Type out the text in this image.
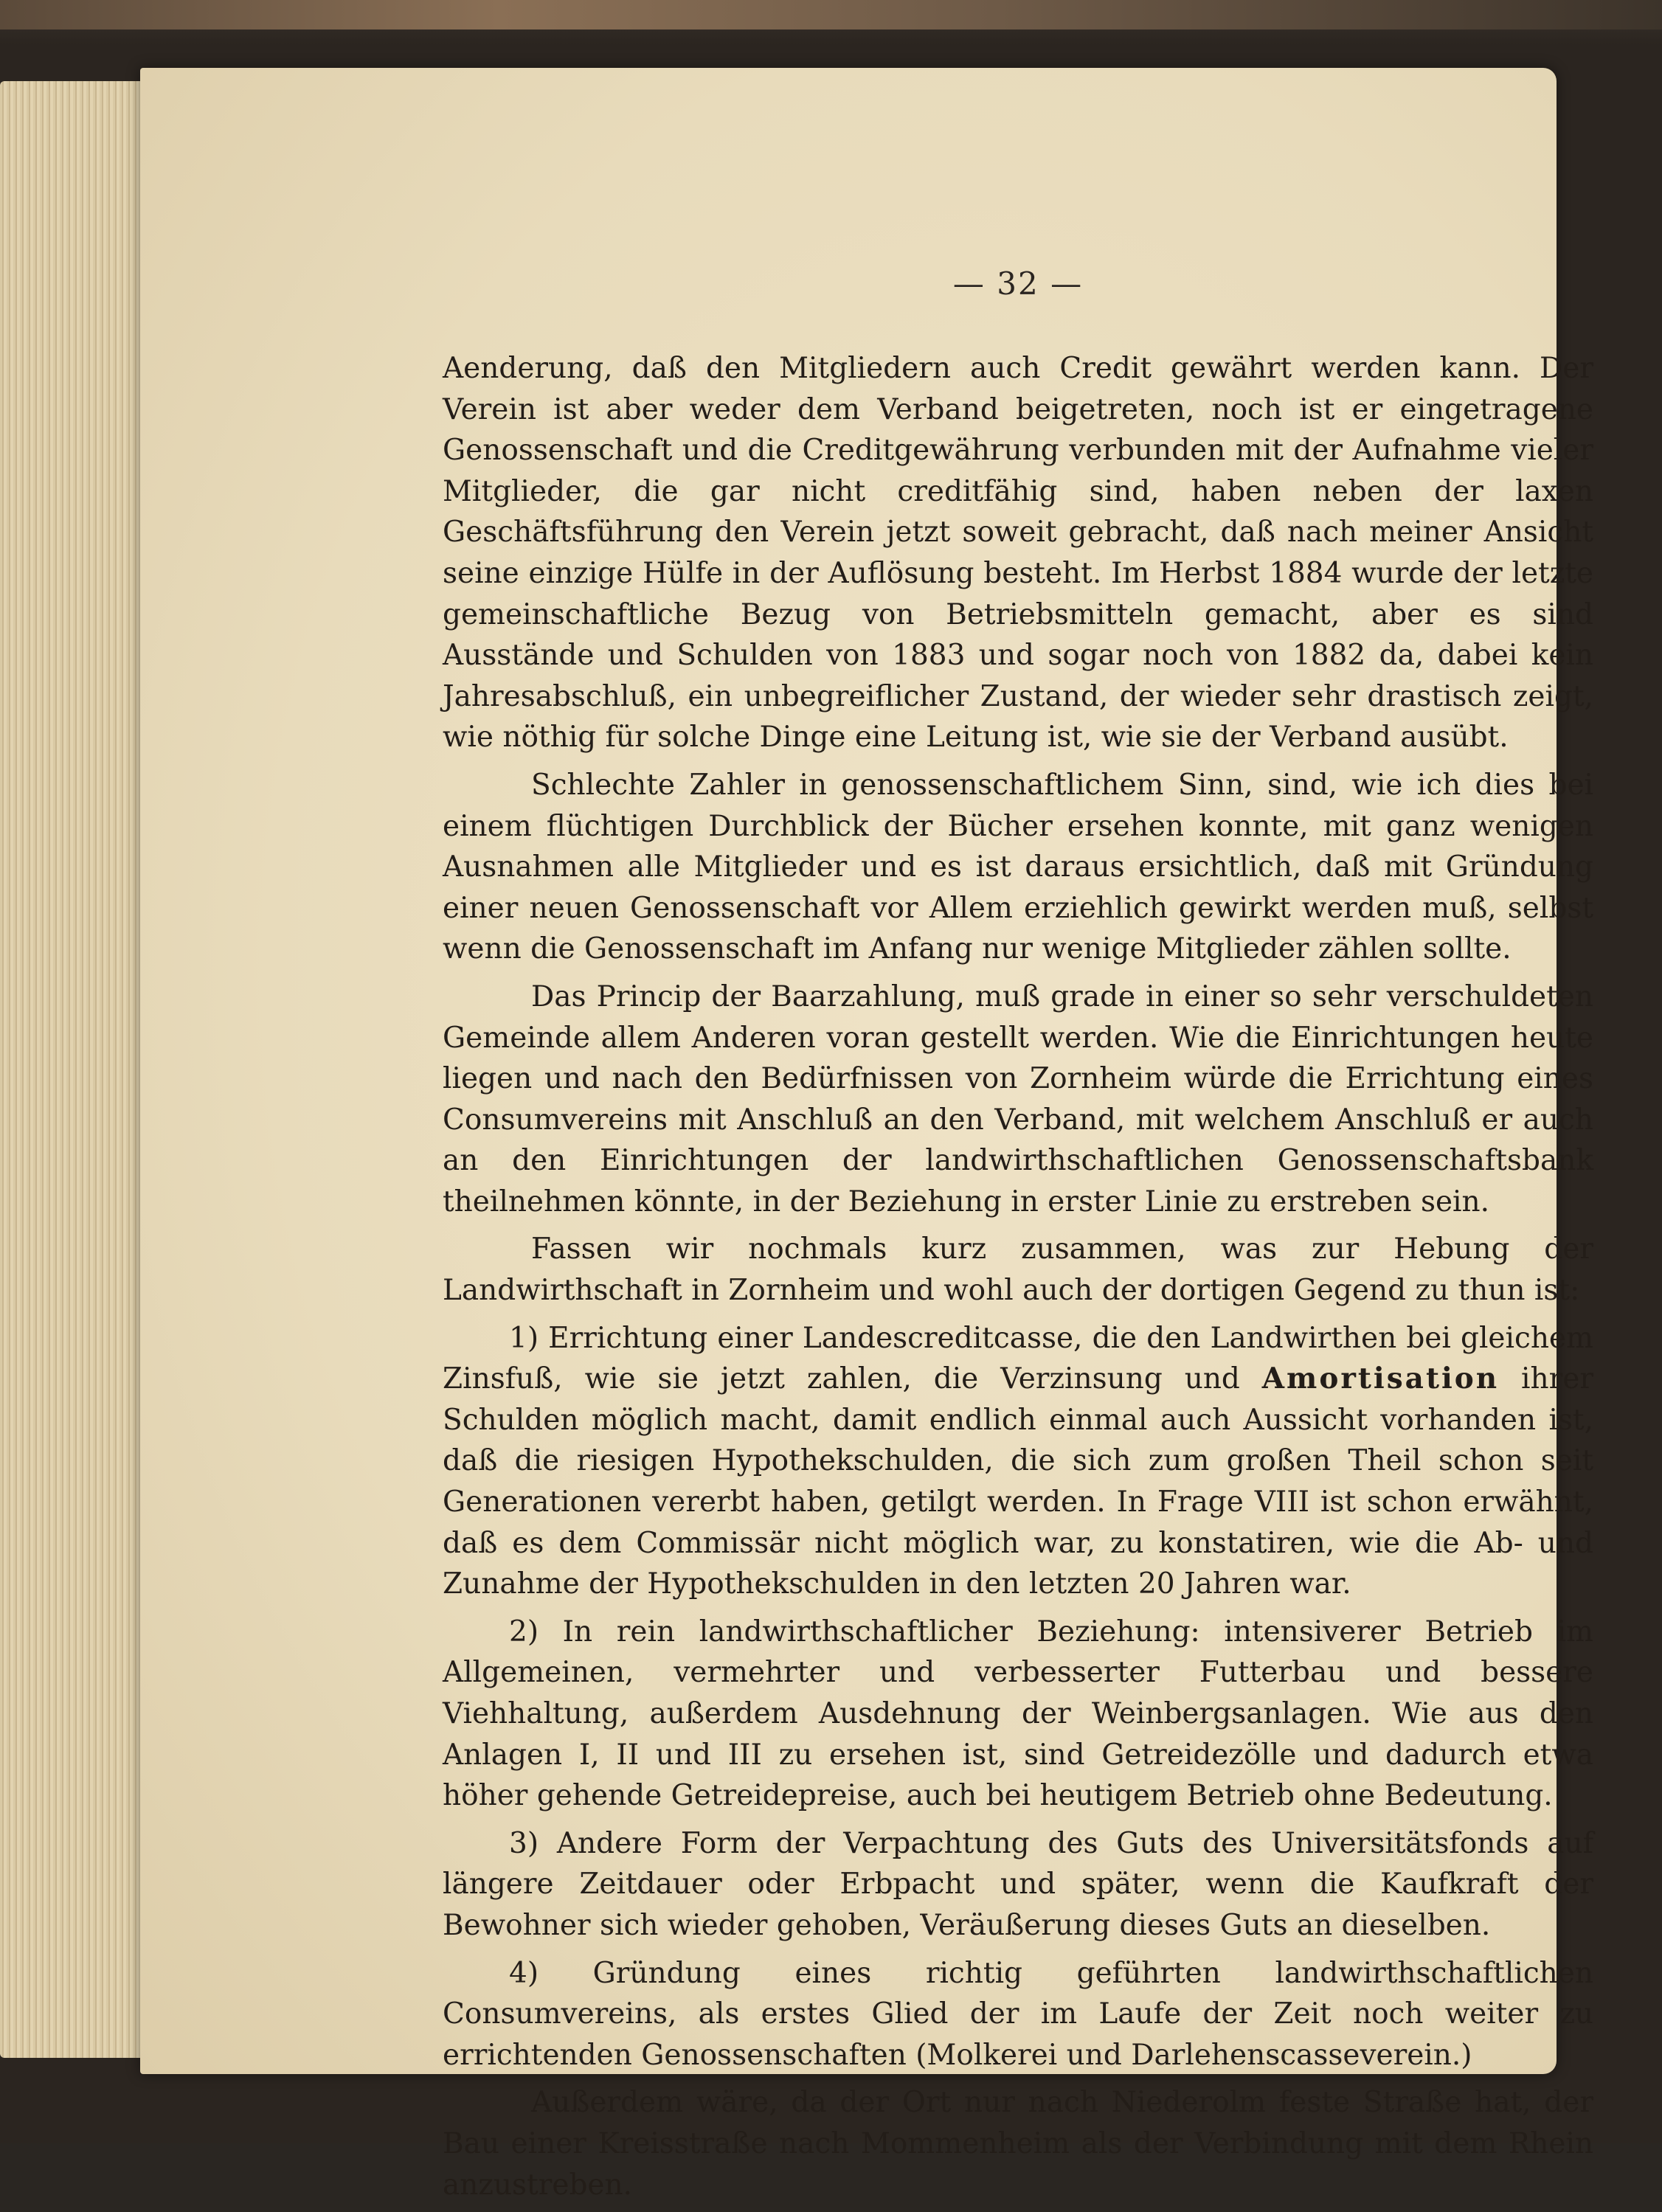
— 32 —

Aenderung, daß den Mitgliedern auch Credit gewährt werden kann. Der Verein ist aber weder dem Verband beigetreten, noch ist er eingetragene Genossenschaft und die Creditgewährung verbunden mit der Aufnahme vieler Mitglieder, die gar nicht creditfähig sind, haben neben der laxen Geschäftsführung den Verein jetzt soweit gebracht, daß nach meiner Ansicht seine einzige Hülfe in der Auflösung besteht. Im Herbst 1884 wurde der letzte gemeinschaftliche Bezug von Betriebsmitteln gemacht, aber es sind Ausstände und Schulden von 1883 und sogar noch von 1882 da, dabei kein Jahresabschluß, ein unbegreiflicher Zustand, der wieder sehr drastisch zeigt, wie nöthig für solche Dinge eine Leitung ist, wie sie der Verband ausübt.

Schlechte Zahler in genossenschaftlichem Sinn, sind, wie ich dies bei einem flüchtigen Durchblick der Bücher ersehen konnte, mit ganz wenigen Ausnahmen alle Mitglieder und es ist daraus ersichtlich, daß mit Gründung einer neuen Genossenschaft vor Allem erziehlich gewirkt werden muß, selbst wenn die Genossenschaft im Anfang nur wenige Mitglieder zählen sollte.

Das Princip der Baarzahlung, muß grade in einer so sehr verschuldeten Gemeinde allem Anderen voran gestellt werden. Wie die Einrichtungen heute liegen und nach den Bedürfnissen von Zornheim würde die Errichtung eines Consumvereins mit Anschluß an den Verband, mit welchem Anschluß er auch an den Einrichtungen der landwirthschaftlichen Genossenschaftsbank theilnehmen könnte, in der Beziehung in erster Linie zu erstreben sein.

Fassen wir nochmals kurz zusammen, was zur Hebung der Landwirthschaft in Zornheim und wohl auch der dortigen Gegend zu thun ist:

1) Errichtung einer Landescreditcasse, die den Landwirthen bei gleichem Zinsfuß, wie sie jetzt zahlen, die Verzinsung und Amortisation ihrer Schulden möglich macht, damit endlich einmal auch Aussicht vorhanden ist, daß die riesigen Hypothekschulden, die sich zum großen Theil schon seit Generationen vererbt haben, getilgt werden. In Frage VIII ist schon erwähnt, daß es dem Commissär nicht möglich war, zu konstatiren, wie die Ab- und Zunahme der Hypothekschulden in den letzten 20 Jahren war.

2) In rein landwirthschaftlicher Beziehung: intensiverer Betrieb im Allgemeinen, vermehrter und verbesserter Futterbau und bessere Viehhaltung, außerdem Ausdehnung der Weinbergsanlagen. Wie aus den Anlagen I, II und III zu ersehen ist, sind Getreidezölle und dadurch etwa höher gehende Getreidepreise, auch bei heutigem Betrieb ohne Bedeutung.

3) Andere Form der Verpachtung des Guts des Universitätsfonds auf längere Zeitdauer oder Erbpacht und später, wenn die Kaufkraft der Bewohner sich wieder gehoben, Veräußerung dieses Guts an dieselben.

4) Gründung eines richtig geführten landwirthschaftlichen Consumvereins, als erstes Glied der im Laufe der Zeit noch weiter zu errichtenden Genossenschaften (Molkerei und Darlehenscasseverein.)

Außerdem wäre, da der Ort nur nach Niederolm feste Straße hat, der Bau einer Kreisstraße nach Mommenheim als der Verbindung mit dem Rhein anzustreben.
